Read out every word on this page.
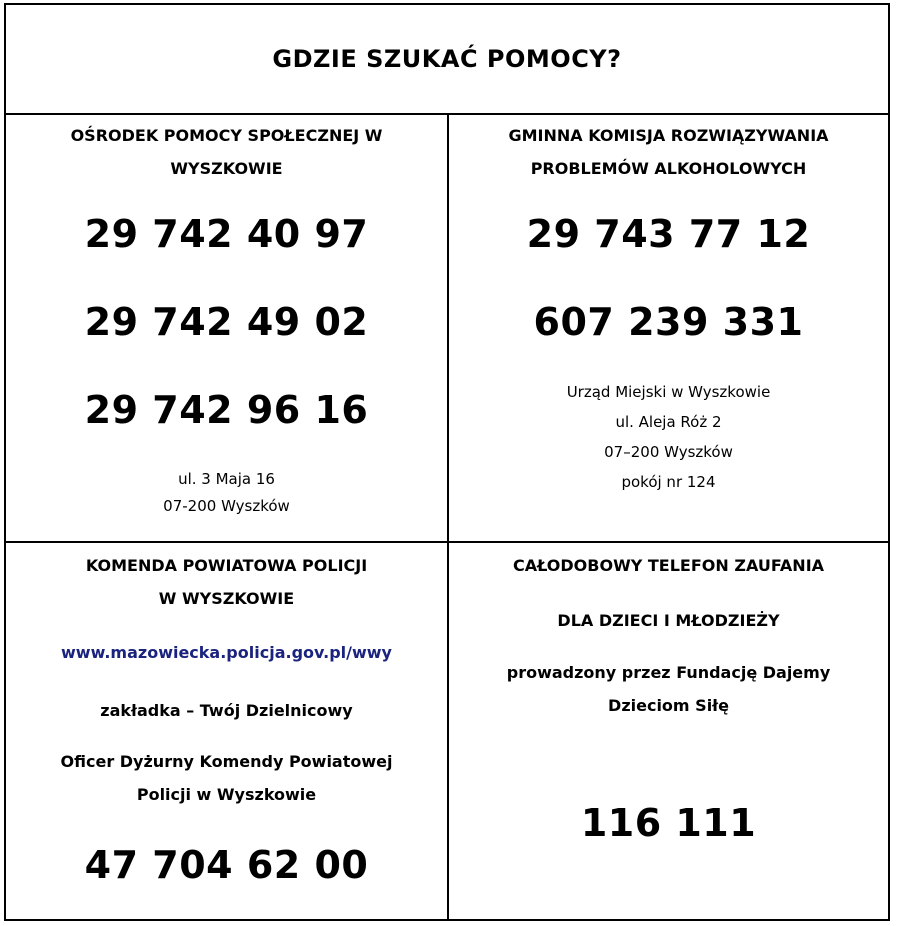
GDZIE SZUKAĆ POMOCY?
OŚRODEK POMOCY SPOŁECZNEJ W
WYSZKOWIE
29 742 40 97
29 742 49 02
29 742 96 16
ul. 3 Maja 16
07-200 Wyszków
GMINNA KOMISJA ROZWIĄZYWANIA
PROBLEMÓW ALKOHOLOWYCH
29 743 77 12
607 239 331
Urząd Miejski w Wyszkowie
ul. Aleja Róż 2
07–200 Wyszków
pokój nr 124
KOMENDA POWIATOWA POLICJI
W WYSZKOWIE
www.mazowiecka.policja.gov.pl/wwy
zakładka – Twój Dzielnicowy
Oficer Dyżurny Komendy Powiatowej
Policji w Wyszkowie
47 704 62 00
CAŁODOBOWY TELEFON ZAUFANIA
DLA DZIECI I MŁODZIEŻY
prowadzony przez Fundację Dajemy
Dzieciom Siłę
116 111
